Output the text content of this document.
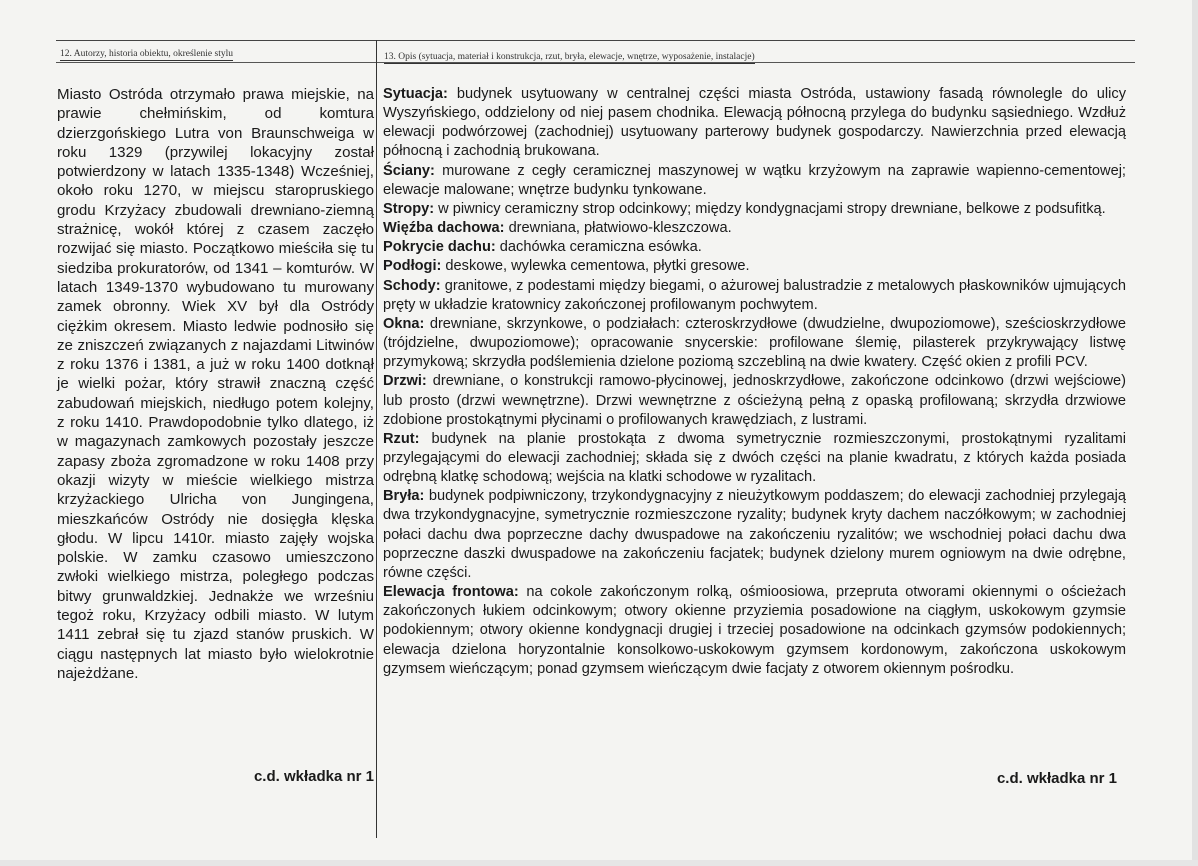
12. Autorzy, historia obiektu, określenie stylu	13. Opis (sytuacja, materiał i konstrukcja, rzut, bryła, elewacje, wnętrze, wyposażenie, instalacje)

Miasto Ostróda otrzymało prawa miejskie, na prawie chełmińskim, od komtura dzierzgońskiego Lutra von Braunschweiga w roku 1329 (przywilej lokacyjny został potwierdzony w latach 1335-1348) Wcześniej, około roku 1270, w miejscu staropruskiego grodu Krzyżacy zbudowali drewniano-ziemną strażnicę, wokół której z czasem zaczęło rozwijać się miasto. Początkowo mieściła się tu siedziba prokuratorów, od 1341 – komturów. W latach 1349-1370 wybudowano tu murowany zamek obronny. Wiek XV był dla Ostródy ciężkim okresem. Miasto ledwie podnosiło się ze zniszczeń związanych z najazdami Litwinów z roku 1376 i 1381, a już w roku 1400 dotknął je wielki pożar, który strawił znaczną część zabudowań miejskich, niedługo potem kolejny, z roku 1410. Prawdopodobnie tylko dlatego, iż w magazynach zamkowych pozostały jeszcze zapasy zboża zgromadzone w roku 1408 przy okazji wizyty w mieście wielkiego mistrza krzyżackiego Ulricha von Jungingena, mieszkańców Ostródy nie dosięgła klęska głodu. W lipcu 1410r. miasto zajęły wojska polskie. W zamku czasowo umieszczono zwłoki wielkiego mistrza, poległego podczas bitwy grunwaldzkiej. Jednakże we wrześniu tegoż roku, Krzyżacy odbili miasto. W lutym 1411 zebrał się tu zjazd stanów pruskich. W ciągu następnych lat miasto było wielokrotnie najeżdżane.

c.d. wkładka nr 1

Sytuacja: budynek usytuowany w centralnej części miasta Ostróda, ustawiony fasadą równolegle do ulicy Wyszyńskiego, oddzielony od niej pasem chodnika. Elewacją północną przylega do budynku sąsiedniego. Wzdłuż elewacji podwórzowej (zachodniej) usytuowany parterowy budynek gospodarczy. Nawierzchnia przed elewacją północną i zachodnią brukowana.

Ściany: murowane z cegły ceramicznej maszynowej w wątku krzyżowym na zaprawie wapienno-cementowej; elewacje malowane; wnętrze budynku tynkowane.

Stropy: w piwnicy ceramiczny strop odcinkowy; między kondygnacjami stropy drewniane, belkowe z podsufitką.

Więźba dachowa: drewniana, płatwiowo-kleszczowa.

Pokrycie dachu: dachówka ceramiczna esówka.

Podłogi: deskowe, wylewka cementowa, płytki gresowe.

Schody: granitowe, z podestami między biegami, o ażurowej balustradzie z metalowych płaskowników ujmujących pręty w układzie kratownicy zakończonej profilowanym pochwytem.

Okna: drewniane, skrzynkowe, o podziałach: czteroskrzydłowe (dwudzielne, dwupoziomowe), sześcioskrzydłowe (trójdzielne, dwupoziomowe); opracowanie snycerskie: profilowane ślemię, pilasterek przykrywający listwę przymykową; skrzydła podślemienia dzielone poziomą szczebliną na dwie kwatery. Część okien z profili PCV.

Drzwi: drewniane, o konstrukcji ramowo-płycinowej, jednoskrzydłowe, zakończone odcinkowo (drzwi wejściowe) lub prosto (drzwi wewnętrzne). Drzwi wewnętrzne z ościeżyną pełną z opaską profilowaną; skrzydła drzwiowe zdobione prostokątnymi płycinami o profilowanych krawędziach, z lustrami.

Rzut: budynek na planie prostokąta z dwoma symetrycznie rozmieszczonymi, prostokątnymi ryzalitami przylegającymi do elewacji zachodniej; składa się z dwóch części na planie kwadratu, z których każda posiada odrębną klatkę schodową; wejścia na klatki schodowe w ryzalitach.

Bryła: budynek podpiwniczony, trzykondygnacyjny z nieużytkowym poddaszem; do elewacji zachodniej przylegają dwa trzykondygnacyjne, symetrycznie rozmieszczone ryzality; budynek kryty dachem naczółkowym; w zachodniej połaci dachu dwa poprzeczne dachy dwuspadowe na zakończeniu ryzalitów; we wschodniej połaci dachu dwa poprzeczne daszki dwuspadowe na zakończeniu facjatek; budynek dzielony murem ogniowym na dwie odrębne, równe części.

Elewacja frontowa: na cokole zakończonym rolką, ośmioosiowa, przepruta otworami okiennymi o ościeżach zakończonych łukiem odcinkowym; otwory okienne przyziemia posadowione na ciągłym, uskokowym gzymsie podokiennym; otwory okienne kondygnacji drugiej i trzeciej posadowione na odcinkach gzymsów podokiennych; elewacja dzielona horyzontalnie konsolkowo-uskokowym gzymsem kordonowym, zakończona uskokowym gzymsem wieńczącym; ponad gzymsem wieńczącym dwie facjaty z otworem okiennym pośrodku.

c.d. wkładka nr 1
